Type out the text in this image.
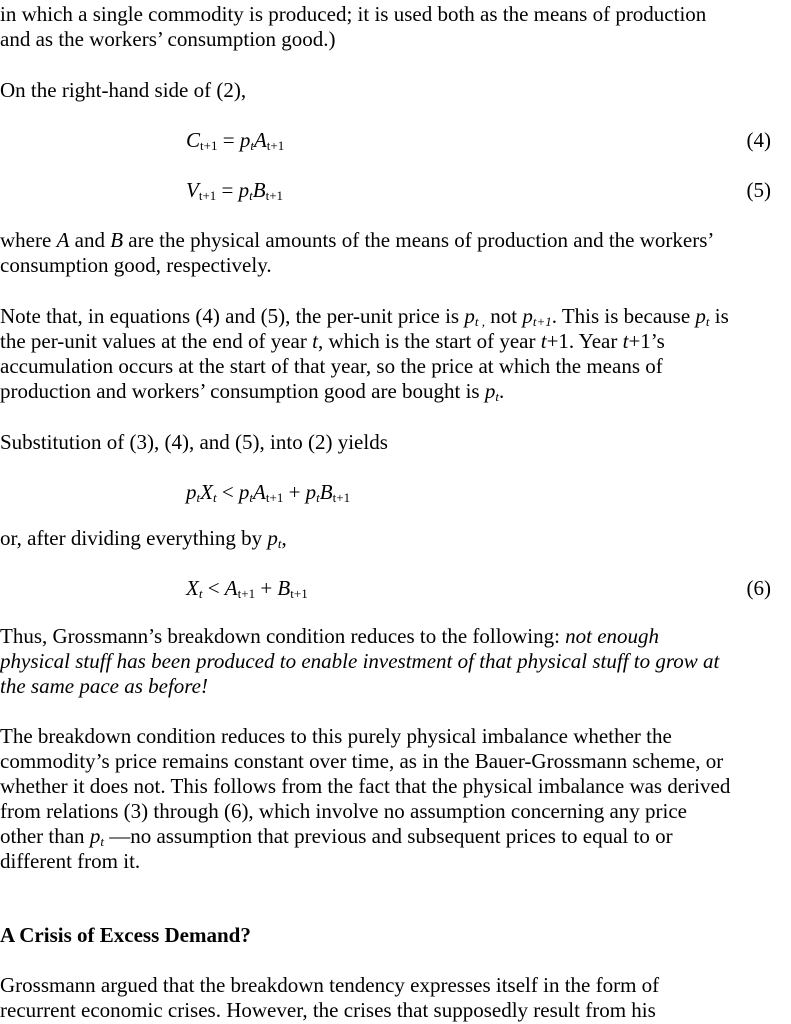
in which a single commodity is produced; it is used both as the means of production
and as the workers’ consumption good.)
On the right-hand side of (2),
$C_{t+1} = p_tA_{t+1}$	(4)
$V_{t+1} = p_tB_{t+1}$	(5)
where A and B are the physical amounts of the means of production and the workers’
consumption good, respectively.
Note that, in equations (4) and (5), the per-unit price is $p_{t ,}$ not $p_{t+1}$. This is because $p_t$ is
the per-unit values at the end of year t, which is the start of year t+1. Year t+1’s
accumulation occurs at the start of that year, so the price at which the means of
production and workers’ consumption good are bought is $p_t$.
Substitution of (3), (4), and (5), into (2) yields
$p_tX_t < p_tA_{t+1} + p_tB_{t+1}$
or, after dividing everything by $p_t$,
$X_t < A_{t+1} + B_{t+1}$	(6)
Thus, Grossmann’s breakdown condition reduces to the following: not enough
physical stuff has been produced to enable investment of that physical stuff to grow at
the same pace as before!
The breakdown condition reduces to this purely physical imbalance whether the
commodity’s price remains constant over time, as in the Bauer-Grossmann scheme, or
whether it does not. This follows from the fact that the physical imbalance was derived
from relations (3) through (6), which involve no assumption concerning any price
other than $p_t$ —no assumption that previous and subsequent prices to equal to or
different from it.
A Crisis of Excess Demand?
Grossmann argued that the breakdown tendency expresses itself in the form of
recurrent economic crises. However, the crises that supposedly result from his
